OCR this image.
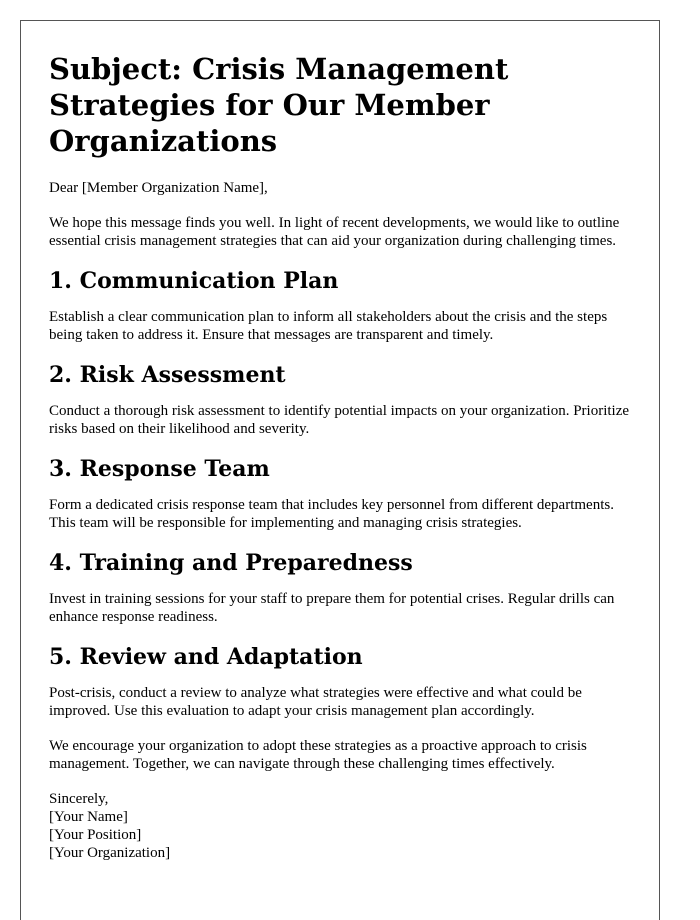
Subject: Crisis Management Strategies for Our Member Organizations

Dear [Member Organization Name],

We hope this message finds you well. In light of recent developments, we would like to outline essential crisis management strategies that can aid your organization during challenging times.

1. Communication Plan

Establish a clear communication plan to inform all stakeholders about the crisis and the steps being taken to address it. Ensure that messages are transparent and timely.

2. Risk Assessment

Conduct a thorough risk assessment to identify potential impacts on your organization. Prioritize risks based on their likelihood and severity.

3. Response Team

Form a dedicated crisis response team that includes key personnel from different departments. This team will be responsible for implementing and managing crisis strategies.

4. Training and Preparedness

Invest in training sessions for your staff to prepare them for potential crises. Regular drills can enhance response readiness.

5. Review and Adaptation

Post-crisis, conduct a review to analyze what strategies were effective and what could be improved. Use this evaluation to adapt your crisis management plan accordingly.

We encourage your organization to adopt these strategies as a proactive approach to crisis management. Together, we can navigate through these challenging times effectively.

Sincerely,

[Your Name]

[Your Position]

[Your Organization]
